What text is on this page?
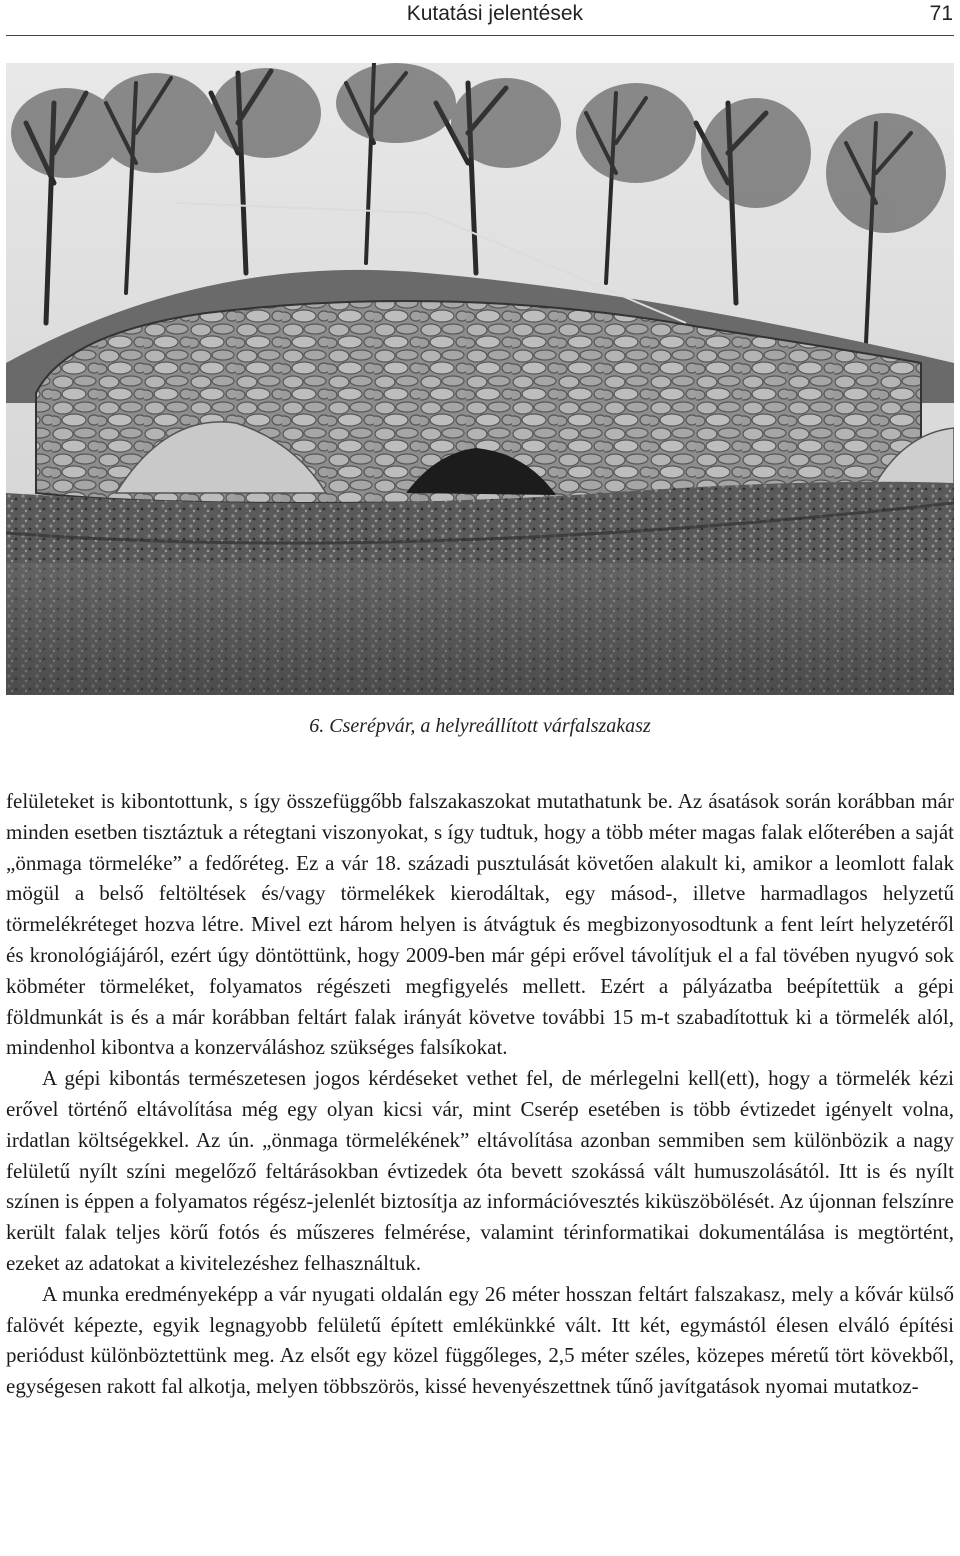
Kutatási jelentések	71
6. Cserépvár, a helyreállított várfalszakasz

felületeket is kibontottunk, s így összefüggőbb falszakaszokat mutathatunk be. Az ásatások során korábban már minden esetben tisztáztuk a rétegtani viszonyokat, s így tudtuk, hogy a több méter magas falak előterében a saját „önmaga törmeléke” a fedőréteg. Ez a vár 18. századi pusztulását követően alakult ki, amikor a leomlott falak mögül a belső feltöltések és/vagy törmelékek kierodáltak, egy másod-, illetve harmadlagos helyzetű törmelékréteget hozva létre. Mivel ezt három helyen is átvágtuk és megbizonyosodtunk a fent leírt helyzetéről és kronológiájáról, ezért úgy döntöttünk, hogy 2009-ben már gépi erővel távolítjuk el a fal tövében nyugvó sok köbméter törmeléket, folyamatos régészeti megfigyelés mellett. Ezért a pályázatba beépítettük a gépi földmunkát is és a már korábban feltárt falak irányát követve további 15 m-t szabadítottuk ki a törmelék alól, mindenhol kibontva a konzerváláshoz szükséges falsíkokat.

A gépi kibontás természetesen jogos kérdéseket vethet fel, de mérlegelni kell(ett), hogy a törmelék kézi erővel történő eltávolítása még egy olyan kicsi vár, mint Cserép esetében is több évtizedet igényelt volna, irdatlan költségekkel. Az ún. „önmaga törmelékének” eltávolítása azonban semmiben sem különbözik a nagy felületű nyílt színi megelőző feltárásokban évtizedek óta bevett szokássá vált humuszolásától. Itt is és nyílt színen is éppen a folyamatos régész-jelenlét biztosítja az információvesztés kiküszöbölését. Az újonnan felszínre került falak teljes körű fotós és műszeres felmérése, valamint térinformatikai dokumentálása is megtörtént, ezeket az adatokat a kivitelezéshez felhasználtuk.

A munka eredményeképp a vár nyugati oldalán egy 26 méter hosszan feltárt falszakasz, mely a kővár külső falövét képezte, egyik legnagyobb felületű épített emlékünkké vált. Itt két, egymástól élesen elváló építési periódust különböztettünk meg. Az elsőt egy közel függőleges, 2,5 méter széles, közepes méretű tört kövekből, egységesen rakott fal alkotja, melyen többszörös, kissé hevenyészettnek tűnő javítgatások nyomai mutatkoz-
